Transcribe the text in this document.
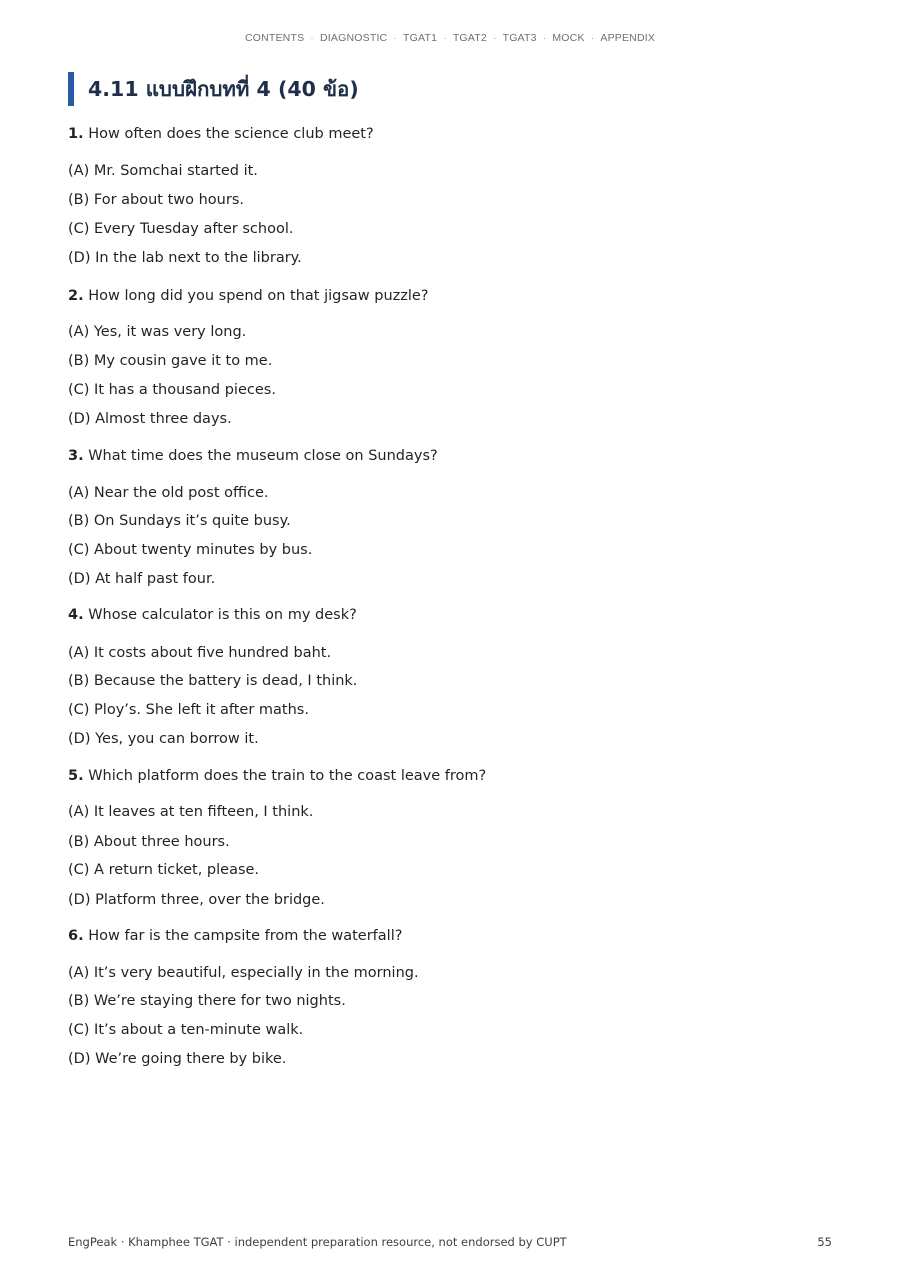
CONTENTS · DIAGNOSTIC · TGAT1 · TGAT2 · TGAT3 · MOCK · APPENDIX
4.11 แบบฝึกบทที่ 4 (40 ข้อ)

1. How often does the science club meet?

(A) Mr. Somchai started it.

(B) For about two hours.

(C) Every Tuesday after school.

(D) In the lab next to the library.

2. How long did you spend on that jigsaw puzzle?

(A) Yes, it was very long.

(B) My cousin gave it to me.

(C) It has a thousand pieces.

(D) Almost three days.

3. What time does the museum close on Sundays?

(A) Near the old post office.

(B) On Sundays it’s quite busy.

(C) About twenty minutes by bus.

(D) At half past four.

4. Whose calculator is this on my desk?

(A) It costs about five hundred baht.

(B) Because the battery is dead, I think.

(C) Ploy’s. She left it after maths.

(D) Yes, you can borrow it.

5. Which platform does the train to the coast leave from?

(A) It leaves at ten fifteen, I think.

(B) About three hours.

(C) A return ticket, please.

(D) Platform three, over the bridge.

6. How far is the campsite from the waterfall?

(A) It’s very beautiful, especially in the morning.

(B) We’re staying there for two nights.

(C) It’s about a ten-minute walk.

(D) We’re going there by bike.

EngPeak · Khamphee TGAT · independent preparation resource, not endorsed by CUPT	55
